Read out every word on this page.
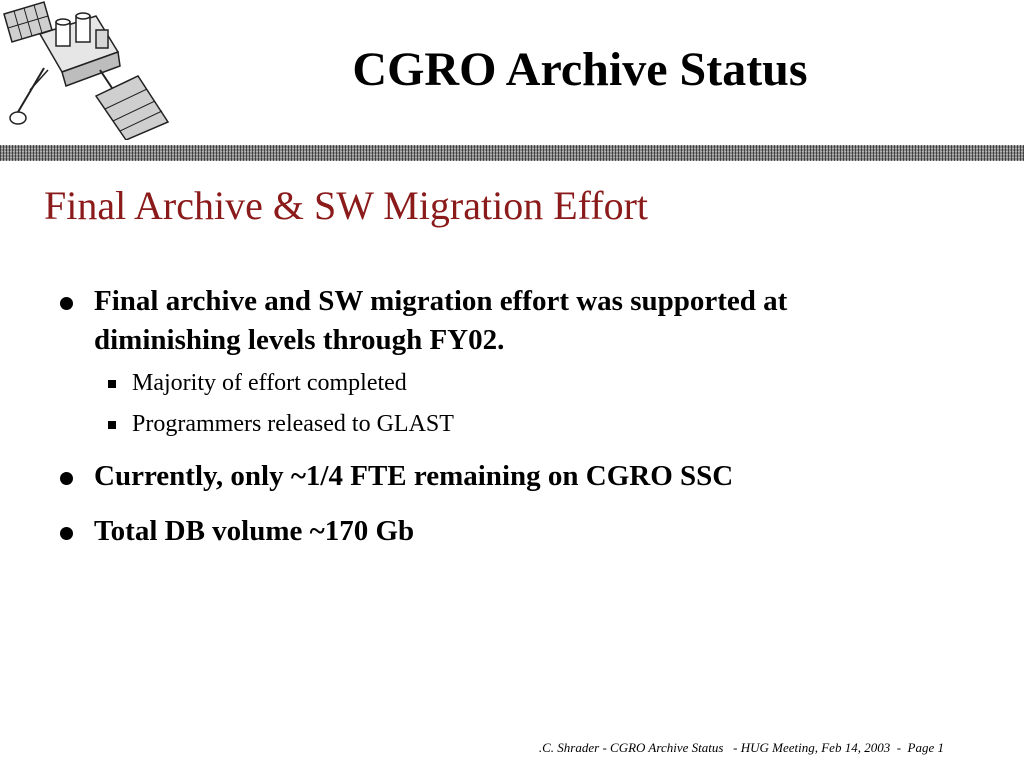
CGRO Archive Status
Final Archive & SW Migration Effort
Final archive and SW migration effort was supported at diminishing levels through FY02.
Majority of effort completed
Programmers released to GLAST
Currently, only ~1/4 FTE remaining on CGRO SSC
Total DB volume ~170 Gb
.C. Shrader - CGRO Archive Status   - HUG Meeting, Feb 14, 2003  -  Page 1
